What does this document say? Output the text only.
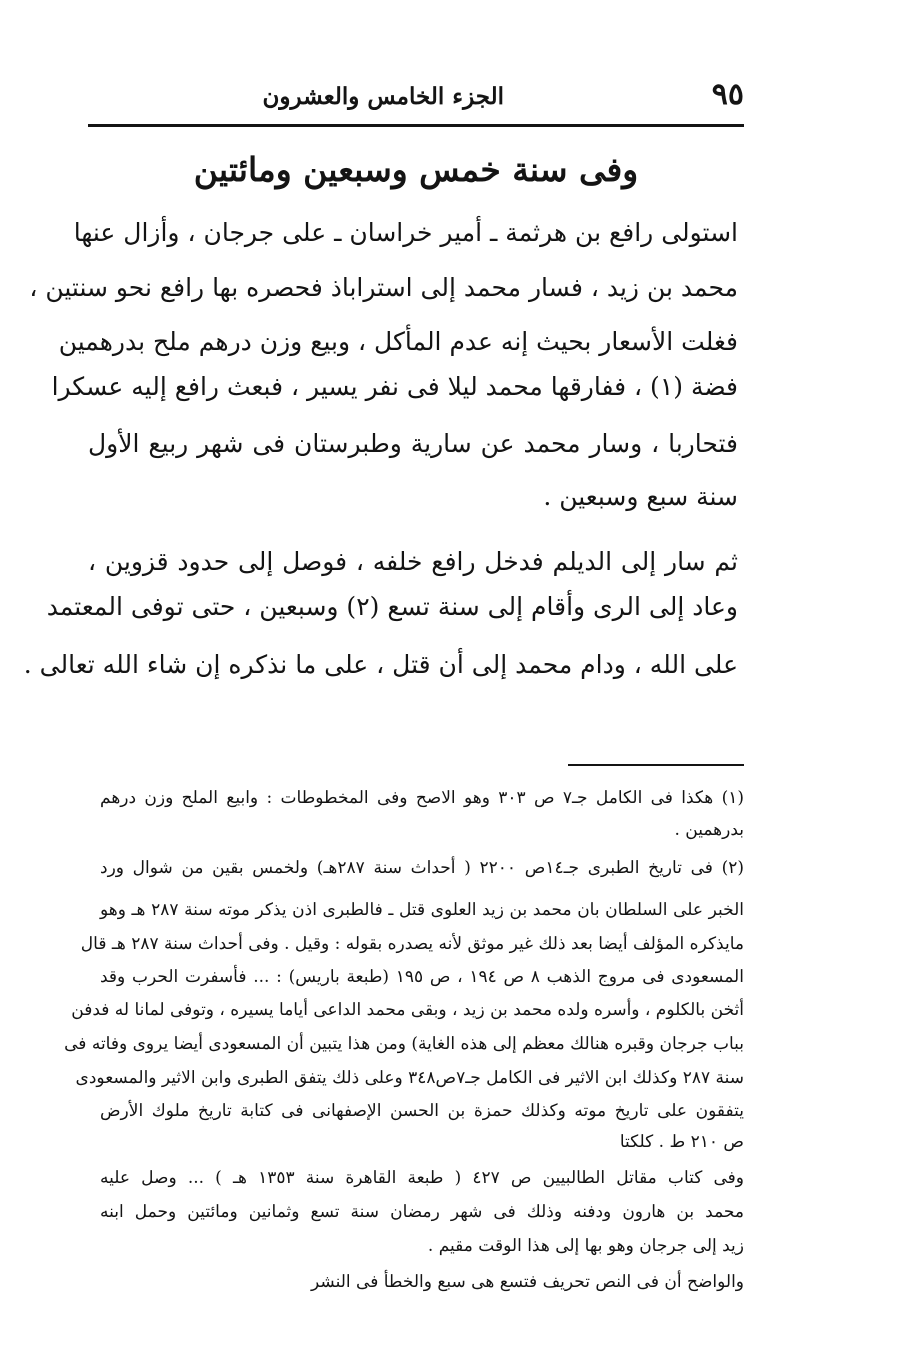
٩٥
الجزء الخامس والعشرون
وفى سنة خمس وسبعين ومائتين
استولى رافع بن هرثمة ـ أمير خراسان ـ على جرجان ، وأزال عنها
محمد بن زيد ، فسار محمد إلى استراباذ فحصره بها رافع نحو سنتين ،
فغلت الأسعار بحيث إنه عدم المأكل ، وبيع وزن درهم ملح بدرهمين
فضة (١) ، ففارقها محمد ليلا فى نفر يسير ، فبعث رافع إليه عسكرا
فتحاربا ، وسار محمد عن سارية وطبرستان فى شهر ربيع الأول
سنة سبع وسبعين .
ثم سار إلى الديلم فدخل رافع خلفه ، فوصل إلى حدود قزوين ،
وعاد إلى الرى وأقام إلى سنة تسع (٢) وسبعين ، حتى توفى المعتمد
على الله ، ودام محمد إلى أن قتل ، على ما نذكره إن شاء الله تعالى .
(١) هكذا فى الكامل جـ٧ ص ٣٠٣ وهو الاصح وفى المخطوطات : وابيع الملح وزن درهم
بدرهمين .
(٢) فى تاريخ الطبرى جـ١٤ص ٢٢٠٠ ( أحداث سنة ٢٨٧هـ) ولخمس بقين من شوال ورد
الخبر على السلطان بان محمد بن زيد العلوى قتل ـ فالطبرى اذن يذكر موته سنة ٢٨٧ هـ وهو
مايذكره المؤلف أيضا بعد ذلك غير موثق لأنه يصدره بقوله : وقيل . وفى أحداث سنة ٢٨٧ هـ قال
المسعودى فى مروج الذهب ٨ ص ١٩٤ ، ص ١٩٥ (طبعة باريس) : ... فأسفرت الحرب وقد
أثخن بالكلوم ، وأسره ولده محمد بن زيد ، وبقى محمد الداعى أياما يسيره ، وتوفى لمانا له فدفن
بباب جرجان وقبره هنالك معظم إلى هذه الغاية) ومن هذا يتبين أن المسعودى أيضا يروى وفاته فى
سنة ٢٨٧ وكذلك ابن الاثير فى الكامل جـ٧ص٣٤٨ وعلى ذلك يتفق الطبرى وابن الاثير والمسعودى
يتفقون على تاريخ موته وكذلك حمزة بن الحسن الإصفهانى فى كتابة تاريخ ملوك الأرض
ص ٢١٠ ط . كلكتا
وفى كتاب مقاتل الطالبيين ص ٤٢٧ ( طبعة القاهرة سنة ١٣٥٣ هـ ) ... وصل عليه
محمد بن هارون ودفنه وذلك فى شهر رمضان سنة تسع وثمانين ومائتين وحمل ابنه
زيد إلى جرجان وهو بها إلى هذا الوقت مقيم .
والواضح أن فى النص تحريف فتسع هى سبع والخطأ فى النشر
